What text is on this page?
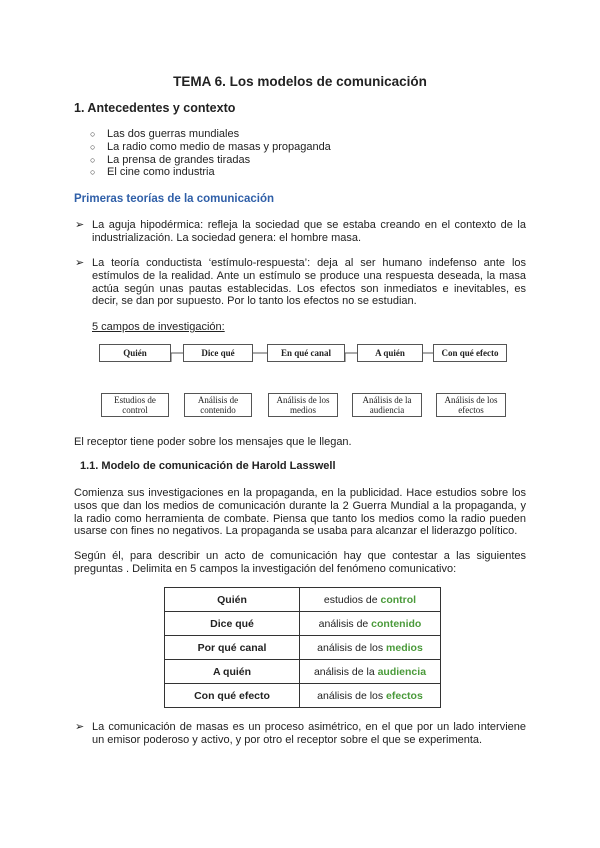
TEMA 6. Los modelos de comunicación
1. Antecedentes y contexto
○ Las dos guerras mundiales
○ La radio como medio de masas y propaganda
○ La prensa de grandes tiradas
○ El cine como industria
Primeras teorías de la comunicación
➢ La aguja hipodérmica: refleja la sociedad que se estaba creando en el contexto de la industrialización. La sociedad genera: el hombre masa.
➢ La teoría conductista ‘estímulo-respuesta’: deja al ser humano indefenso ante los estímulos de la realidad. Ante un estímulo se produce una respuesta deseada, la masa actúa según unas pautas establecidas. Los efectos son inmediatos e inevitables, es decir, se dan por supuesto. Por lo tanto los efectos no se estudian.
5 campos de investigación:
Quién	Dice qué	En qué canal	A quién	Con qué efecto
Estudios de control
Análisis de contenido
Análisis de los medios
Análisis de la audiencia
Análisis de los efectos
El receptor tiene poder sobre los mensajes que le llegan.
1.1. Modelo de comunicación de Harold Lasswell
Comienza sus investigaciones en la propaganda, en la publicidad. Hace estudios sobre los usos que dan los medios de comunicación durante la 2 Guerra Mundial a la propaganda, y la radio como herramienta de combate. Piensa que tanto los medios como la radio pueden usarse con fines no negativos. La propaganda se usaba para alcanzar el liderazgo político.
Según él, para describir un acto de comunicación hay que contestar a las siguientes preguntas . Delimita en 5 campos la investigación del fenómeno comunicativo:
Quién	estudios de control
Dice qué	análisis de contenido
Por qué canal	análisis de los medios
A quién	análisis de la audiencia
Con qué efecto	análisis de los efectos
➢ La comunicación de masas es un proceso asimétrico, en el que por un lado interviene un emisor poderoso y activo, y por otro el receptor sobre el que se experimenta.
